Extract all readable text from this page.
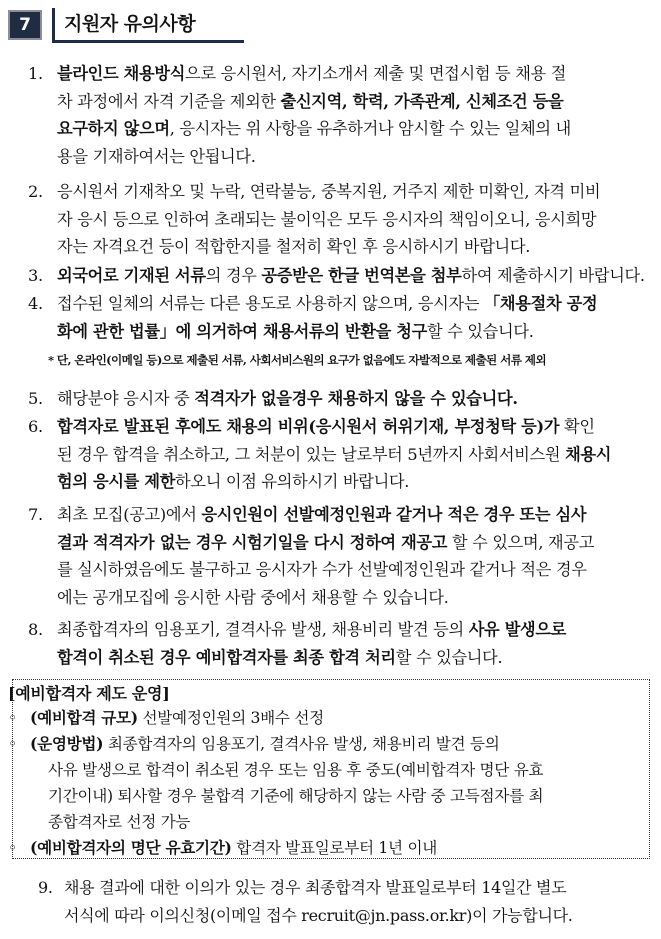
7	지원자 유의사항
1. 블라인드 채용방식으로 응시원서, 자기소개서 제출 및 면접시험 등 채용 절
차 과정에서 자격 기준을 제외한 출신지역, 학력, 가족관계, 신체조건 등을
요구하지 않으며, 응시자는 위 사항을 유추하거나 암시할 수 있는 일체의 내
용을 기재하여서는 안됩니다.
2. 응시원서 기재착오 및 누락, 연락불능, 중복지원, 거주지 제한 미확인, 자격 미비
자 응시 등으로 인하여 초래되는 불이익은 모두 응시자의 책임이오니, 응시희망
자는 자격요건 등이 적합한지를 철저히 확인 후 응시하시기 바랍니다.
3. 외국어로 기재된 서류의 경우 공증받은 한글 번역본을 첨부하여 제출하시기 바랍니다.
4. 접수된 일체의 서류는 다른 용도로 사용하지 않으며, 응시자는 「채용절차 공정
화에 관한 법률」에 의거하여 채용서류의 반환을 청구할 수 있습니다.
5. 해당분야 응시자 중 적격자가 없을경우 채용하지 않을 수 있습니다.
6. 합격자로 발표된 후에도 채용의 비위(응시원서 허위기재, 부정청탁 등)가 확인
된 경우 합격을 취소하고, 그 처분이 있는 날로부터 5년까지 사회서비스원 채용시
험의 응시를 제한하오니 이점 유의하시기 바랍니다.
7. 최초 모집(공고)에서 응시인원이 선발예정인원과 같거나 적은 경우 또는 심사
결과 적격자가 없는 경우 시험기일을 다시 정하여 재공고 할 수 있으며, 재공고
를 실시하였음에도 불구하고 응시자가 수가 선발예정인원과 같거나 적은 경우
에는 공개모집에 응시한 사람 중에서 채용할 수 있습니다.
8. 최종합격자의 임용포기, 결격사유 발생, 채용비리 발견 등의 사유 발생으로
합격이 취소된 경우 예비합격자를 최종 합격 처리할 수 있습니다.
* 단, 온라인(이메일 등)으로 제출된 서류, 사회서비스원의 요구가 없음에도 자발적으로 제출된 서류 제외
[예비합격자 제도 운영]
◦ (예비합격 규모) 선발예정인원의 3배수 선정
◦ (운영방법) 최종합격자의 임용포기, 결격사유 발생, 채용비리 발견 등의
사유 발생으로 합격이 취소된 경우 또는 임용 후 중도(예비합격자 명단 유효
기간이내) 퇴사할 경우 불합격 기준에 해당하지 않는 사람 중 고득점자를 최
종합격자로 선정 가능
◦ (예비합격자의 명단 유효기간) 합격자 발표일로부터 1년 이내
9. 채용 결과에 대한 이의가 있는 경우 최종합격자 발표일로부터 14일간 별도
서식에 따라 이의신청(이메일 접수 recruit@jn.pass.or.kr)이 가능합니다.
